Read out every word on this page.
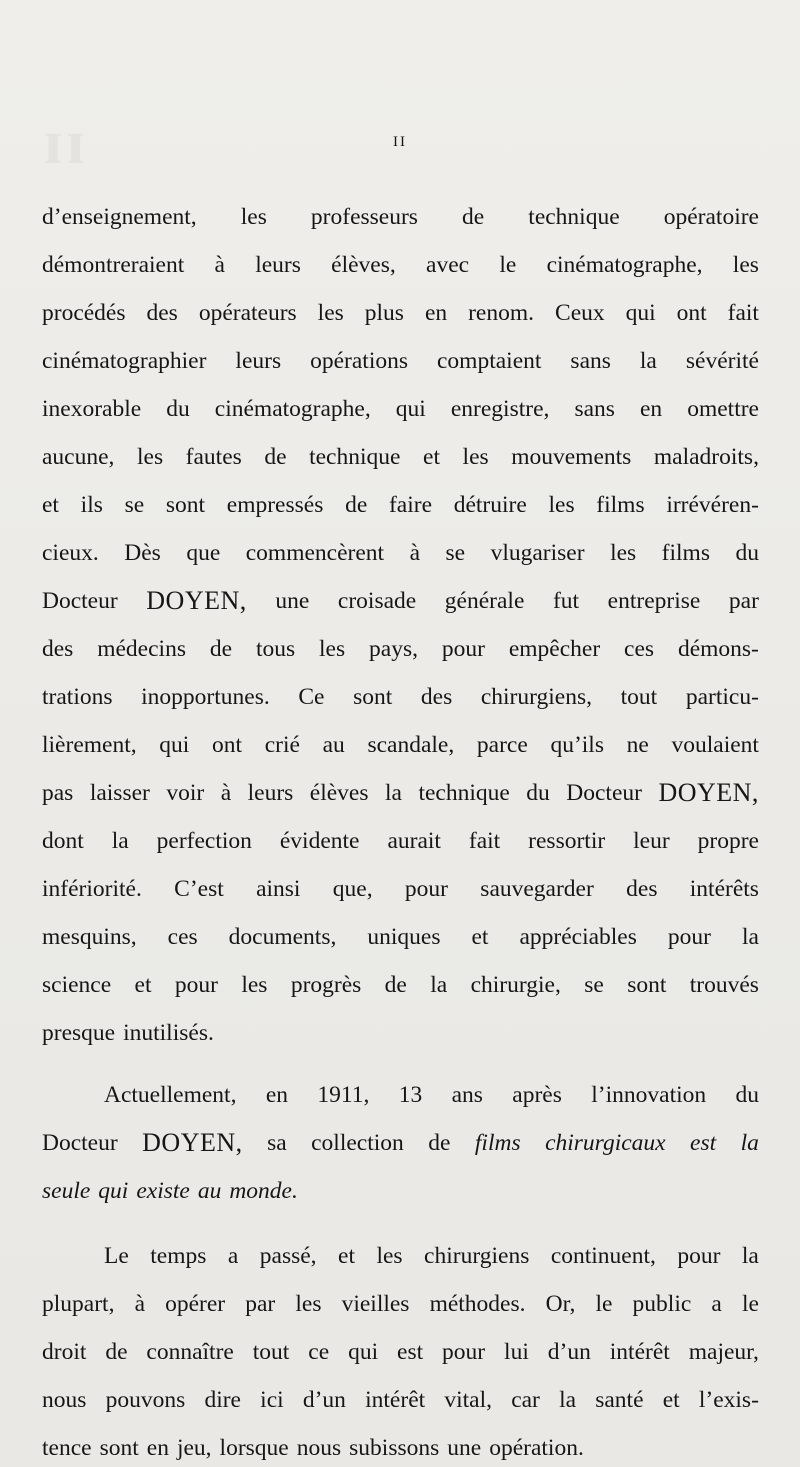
II
d’enseignement, les professeurs de technique opératoire
démontreraient à leurs élèves, avec le cinématographe, les
procédés des opérateurs les plus en renom. Ceux qui ont fait
cinématographier leurs opérations comptaient sans la sévérité
inexorable du cinématographe, qui enregistre, sans en omettre
aucune, les fautes de technique et les mouvements maladroits,
et ils se sont empressés de faire détruire les films irrévéren-
cieux. Dès que commencèrent à se vlugariser les films du
Docteur DOYEN, une croisade générale fut entreprise par
des médecins de tous les pays, pour empêcher ces démons-
trations inopportunes. Ce sont des chirurgiens, tout particu-
lièrement, qui ont crié au scandale, parce qu’ils ne voulaient
pas laisser voir à leurs élèves la technique du Docteur DOYEN,
dont la perfection évidente aurait fait ressortir leur propre
infériorité. C’est ainsi que, pour sauvegarder des intérêts
mesquins, ces documents, uniques et appréciables pour la
science et pour les progrès de la chirurgie, se sont trouvés
presque inutilisés.
Actuellement, en 1911, 13 ans après l’innovation du
Docteur DOYEN, sa collection de films chirurgicaux est la
seule qui existe au monde.
Le temps a passé, et les chirurgiens continuent, pour la
plupart, à opérer par les vieilles méthodes. Or, le public a le
droit de connaître tout ce qui est pour lui d’un intérêt majeur,
nous pouvons dire ici d’un intérêt vital, car la santé et l’exis-
tence sont en jeu, lorsque nous subissons une opération.
